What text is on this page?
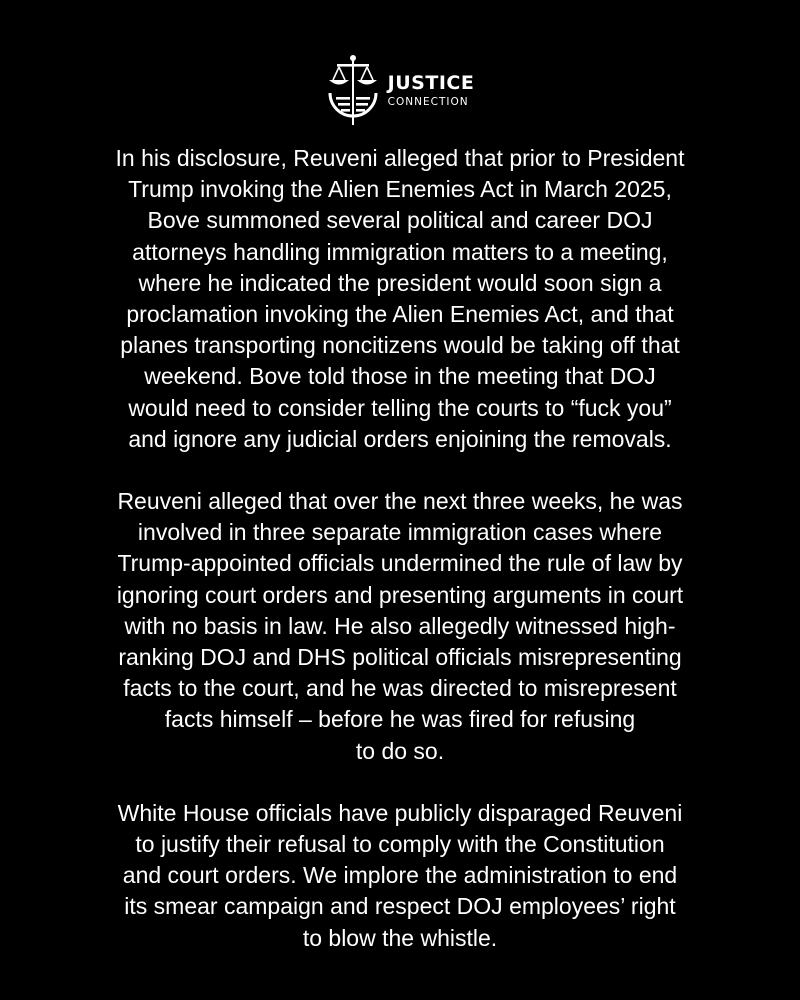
JUSTICE
CONNECTION

In his disclosure, Reuveni alleged that prior to President
Trump invoking the Alien Enemies Act in March 2025,
Bove summoned several political and career DOJ
attorneys handling immigration matters to a meeting,
where he indicated the president would soon sign a
proclamation invoking the Alien Enemies Act, and that
planes transporting noncitizens would be taking off that
weekend. Bove told those in the meeting that DOJ
would need to consider telling the courts to “fuck you”
and ignore any judicial orders enjoining the removals.

Reuveni alleged that over the next three weeks, he was
involved in three separate immigration cases where
Trump-appointed officials undermined the rule of law by
ignoring court orders and presenting arguments in court
with no basis in law. He also allegedly witnessed high-
ranking DOJ and DHS political officials misrepresenting
facts to the court, and he was directed to misrepresent
facts himself – before he was fired for refusing
to do so.

White House officials have publicly disparaged Reuveni
to justify their refusal to comply with the Constitution
and court orders. We implore the administration to end
its smear campaign and respect DOJ employees’ right
to blow the whistle.
